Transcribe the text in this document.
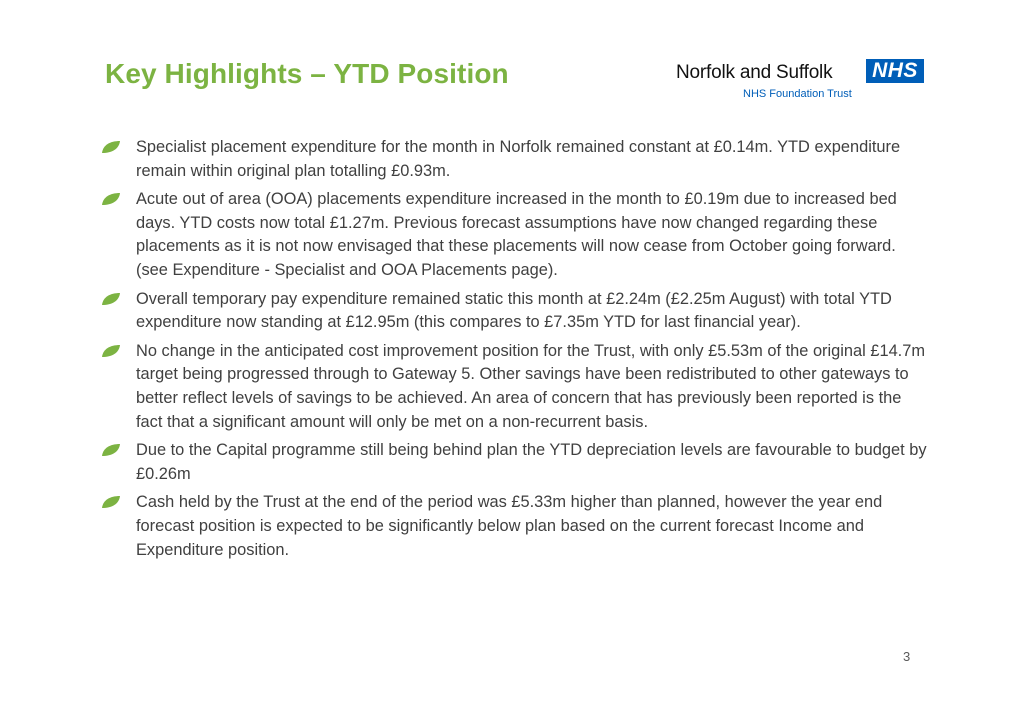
Key Highlights – YTD Position	Norfolk and Suffolk NHS
NHS Foundation Trust
Specialist placement expenditure for the month in Norfolk remained constant at £0.14m. YTD expenditure remain within original plan totalling £0.93m.
Acute out of area (OOA) placements expenditure increased in the month to £0.19m due to increased bed days. YTD costs now total £1.27m. Previous forecast assumptions have now changed regarding these placements as it is not now envisaged that these placements will now cease from October going forward. (see Expenditure - Specialist and OOA Placements page).
Overall temporary pay expenditure remained static this month at £2.24m (£2.25m August) with total YTD expenditure now standing at £12.95m (this compares to £7.35m YTD for last financial year).
No change in the anticipated cost improvement position for the Trust, with only £5.53m of the original £14.7m target being progressed through to Gateway 5. Other savings have been redistributed to other gateways to better reflect levels of savings to be achieved. An area of concern that has previously been reported is the fact that a significant amount will only be met on a non-recurrent basis.
Due to the Capital programme still being behind plan the YTD depreciation levels are favourable to budget by £0.26m
Cash held by the Trust at the end of the period was £5.33m higher than planned, however the year end forecast position is expected to be significantly below plan based on the current forecast Income and Expenditure position.
3
